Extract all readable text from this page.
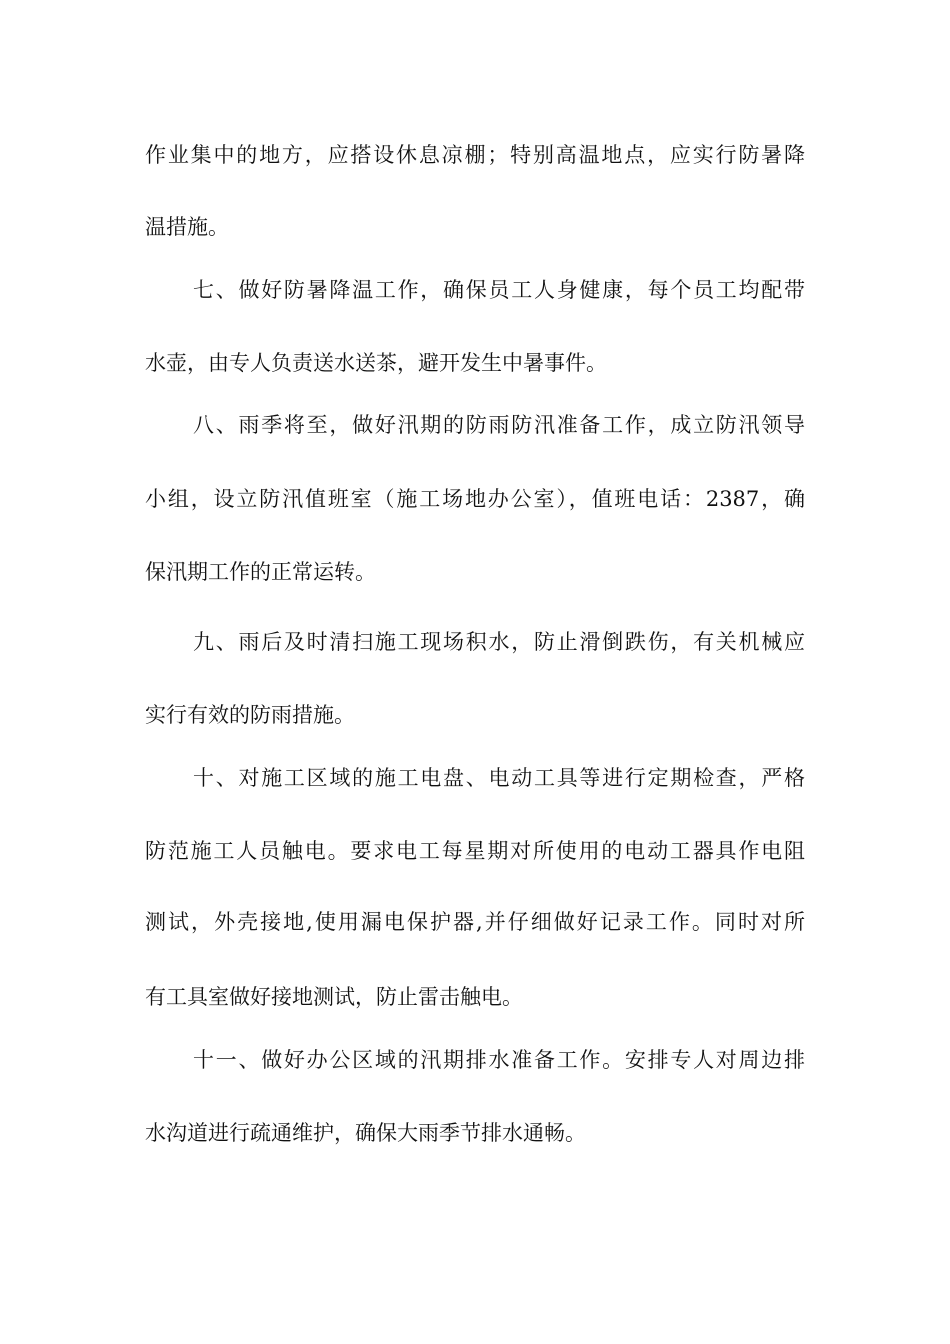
作业集中的地方，应搭设休息凉棚；特别高温地点，应实行防暑降
温措施。
七、做好防暑降温工作，确保员工人身健康，每个员工均配带
水壶，由专人负责送水送茶，避开发生中暑事件。
八、雨季将至，做好汛期的防雨防汛准备工作，成立防汛领导
小组，设立防汛值班室（施工场地办公室），值班电话：2387，确
保汛期工作的正常运转。
九、雨后及时清扫施工现场积水，防止滑倒跌伤，有关机械应
实行有效的防雨措施。
十、对施工区域的施工电盘、电动工具等进行定期检查，严格
防范施工人员触电。要求电工每星期对所使用的电动工器具作电阻
测试，外壳接地,使用漏电保护器,并仔细做好记录工作。同时对所
有工具室做好接地测试，防止雷击触电。
十一、做好办公区域的汛期排水准备工作。安排专人对周边排
水沟道进行疏通维护，确保大雨季节排水通畅。
